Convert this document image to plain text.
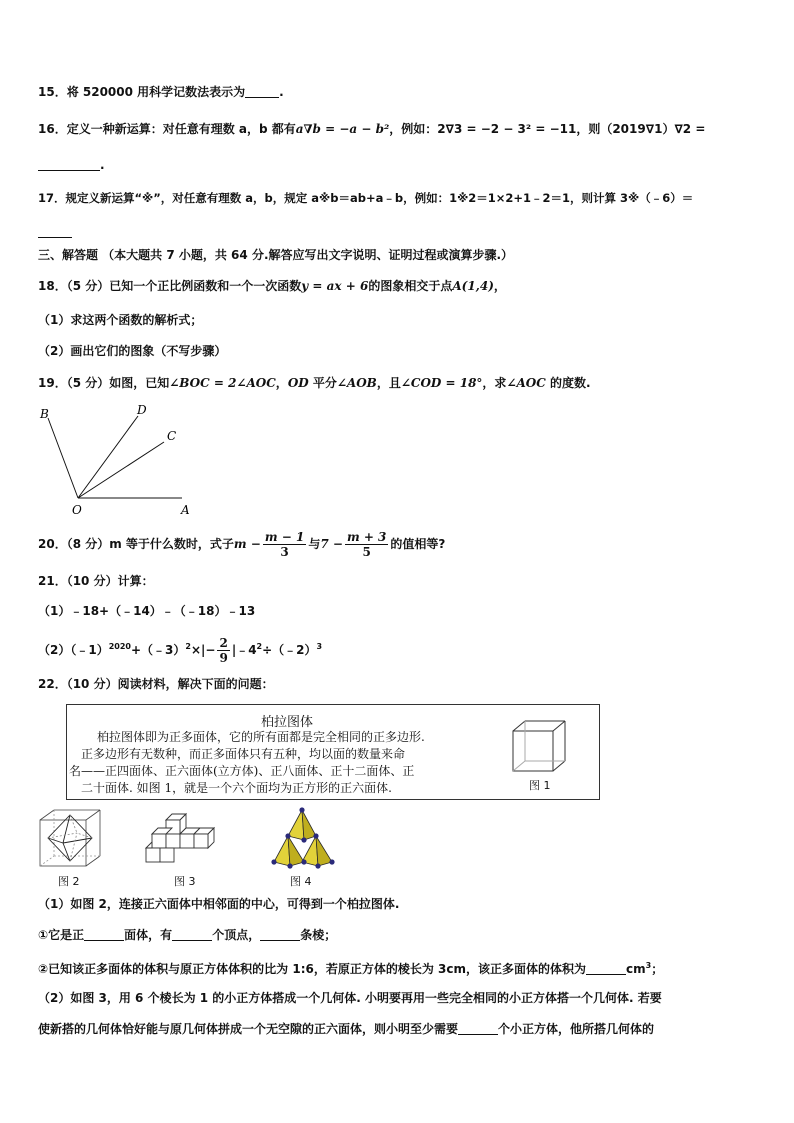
15．将 520000 用科学记数法表示为	.
16．定义一种新运算：对任意有理数 a，b 都有a∇b = −a − b²，例如：2∇3 = −2 − 3² = −11，则（2019∇1）∇2 =
.
17．规定义新运算“※”，对任意有理数 a，b，规定 a※b＝ab+a﹣b，例如：1※2＝1×2+1﹣2＝1，则计算 3※（﹣6）＝
三、解答题 （本大题共 7 小题，共 64 分.解答应写出文字说明、证明过程或演算步骤.）
18．（5 分）已知一个正比例函数和一个一次函数y = ax + 6的图象相交于点A(1,4)，
（1）求这两个函数的解析式；
（2）画出它们的图象（不写步骤）
19．（5 分）如图，已知∠BOC = 2∠AOC，OD 平分∠AOB，且∠COD = 18°，求∠AOC 的度数.
B	D
C
O	A
20．（8 分）m 等于什么数时，式子$m - \frac{m - 1}{3}$ 与$7 - \frac{m + 3}{5}$ 的值相等?
21．（10 分）计算：
（1）﹣18+（﹣14）﹣（﹣18）﹣13
（2）（﹣1）$^{2020}$+（﹣3）$^2$×|− $\frac{2}{9}$ $|﹣4^2\div(﹣2)^3$
22．（10 分）阅读材料，解决下面的问题：
柏拉图体
柏拉图体即为正多面体，它的所有面都是完全相同的正多边形.
正多边形有无数种，而正多面体只有五种，均以面的数量来命
名——正四面体、正六面体(立方体)、正八面体、正十二面体、正
二十面体. 如图 1，就是一个六个面均为正方形的正六面体.	图 1
图 2	图 3	图 4
（1）如图 2，连接正六面体中相邻面的中心，可得到一个柏拉图体.
①它是正	面体，有	个顶点，	条棱；
②已知该正多面体的体积与原正方体体积的比为 1:6，若原正方体的棱长为 3cm，该正多面体的体积为	$cm^3$；
（2）如图 3，用 6 个棱长为 1 的小正方体搭成一个几何体. 小明要再用一些完全相同的小正方体搭一个几何体. 若要
使新搭的几何体恰好能与原几何体拼成一个无空隙的正六面体，则小明至少需要	个小正方体，他所搭几何体的
